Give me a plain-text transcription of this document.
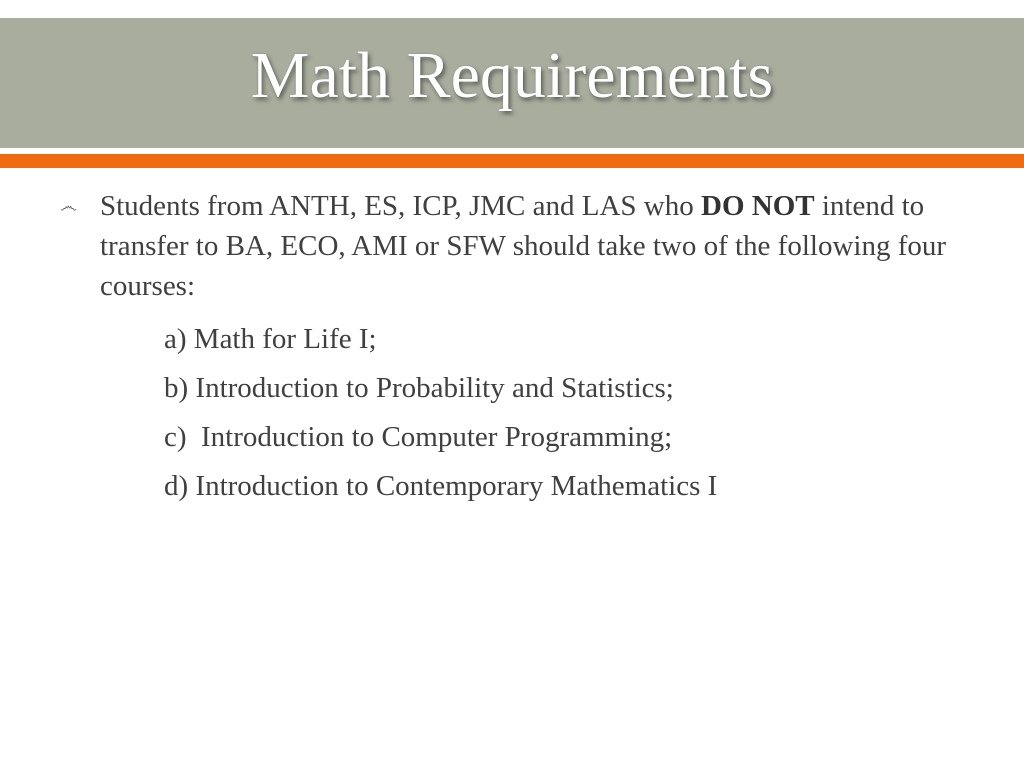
Math Requirements
෴ Students from ANTH, ES, ICP, JMC and LAS who DO NOT intend to transfer to BA, ECO, AMI or SFW should take two of the following four courses:
a) Math for Life I;
b) Introduction to Probability and Statistics;
c)  Introduction to Computer Programming;
d) Introduction to Contemporary Mathematics I
